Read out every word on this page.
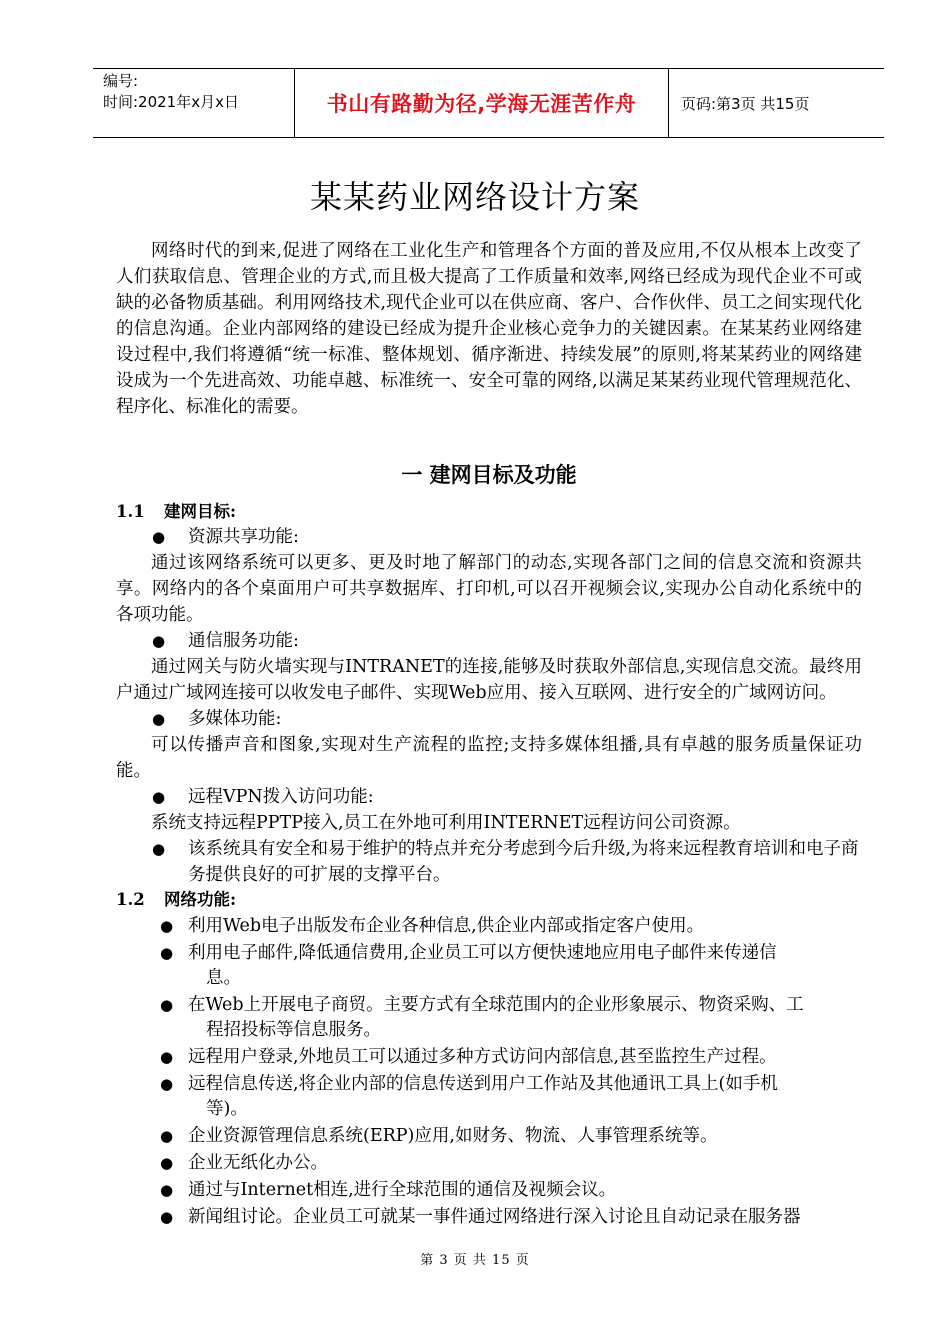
编号:
时间:2021年x月x日	书山有路勤为径,学海无涯苦作舟	页码:第3页 共15页
某某药业网络设计方案

网络时代的到来,促进了网络在工业化生产和管理各个方面的普及应用,不仅从根本上改变了人们获取信息、管理企业的方式,而且极大提高了工作质量和效率,网络已经成为现代企业不可或缺的必备物质基础。利用网络技术,现代企业可以在供应商、客户、合作伙伴、员工之间实现代化的信息沟通。企业内部网络的建设已经成为提升企业核心竞争力的关键因素。在某某药业网络建设过程中,我们将遵循“统一标准、整体规划、循序渐进、持续发展”的原则,将某某药业的网络建设成为一个先进高效、功能卓越、标准统一、安全可靠的网络,以满足某某药业现代管理规范化、程序化、标准化的需要。

一 建网目标及功能
1.1 建网目标:
● 资源共享功能:

通过该网络系统可以更多、更及时地了解部门的动态,实现各部门之间的信息交流和资源共享。网络内的各个桌面用户可共享数据库、打印机,可以召开视频会议,实现办公自动化系统中的各项功能。

● 通信服务功能:

通过网关与防火墙实现与INTRANET的连接,能够及时获取外部信息,实现信息交流。最终用户通过广域网连接可以收发电子邮件、实现Web应用、接入互联网、进行安全的广域网访问。

● 多媒体功能:

可以传播声音和图象,实现对生产流程的监控;支持多媒体组播,具有卓越的服务质量保证功能。

● 远程VPN拨入访问功能:

系统支持远程PPTP接入,员工在外地可利用INTERNET远程访问公司资源。

● 该系统具有安全和易于维护的特点并充分考虑到今后升级,为将来远程教育培训和电子商务提供良好的可扩展的支撑平台。
1.2 网络功能:
● 利用Web电子出版发布企业各种信息,供企业内部或指定客户使用。
● 利用电子邮件,降低通信费用,企业员工可以方便快速地应用电子邮件来传递信
息。
● 在Web上开展电子商贸。主要方式有全球范围内的企业形象展示、物资采购、工
程招投标等信息服务。
● 远程用户登录,外地员工可以通过多种方式访问内部信息,甚至监控生产过程。
● 远程信息传送,将企业内部的信息传送到用户工作站及其他通讯工具上(如手机
等)。
● 企业资源管理信息系统(ERP)应用,如财务、物流、人事管理系统等。
● 企业无纸化办公。
● 通过与Internet相连,进行全球范围的通信及视频会议。
● 新闻组讨论。企业员工可就某一事件通过网络进行深入讨论且自动记录在服务器
第 3 页 共 15 页
